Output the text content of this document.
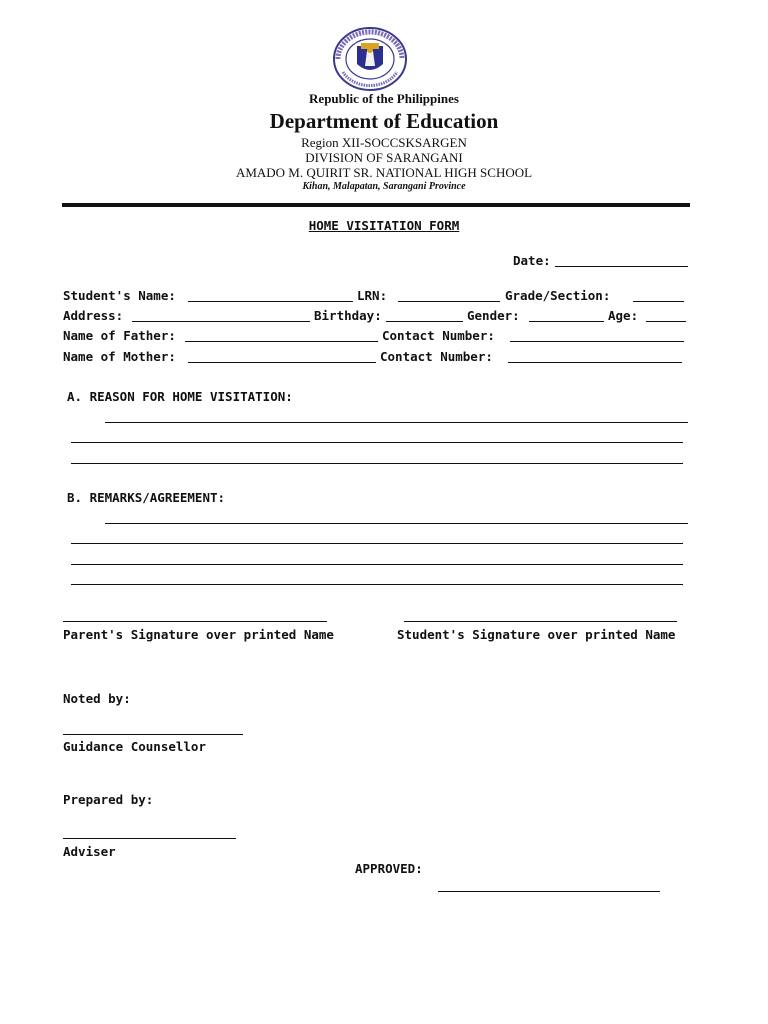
Republic of the Philippines
Department of Education
Region XII-SOCCSKSARGEN
DIVISION OF SARANGANI
AMADO M. QUIRIT SR. NATIONAL HIGH SCHOOL
Kihan, Malapatan, Sarangani Province
HOME VISITATION FORM
Date:
Student's Name:	LRN:	Grade/Section:
Address:	Birthday:	Gender:	Age:
Name of Father:	Contact Number:
Name of Mother:	Contact Number:
A. REASON FOR HOME VISITATION:
B. REMARKS/AGREEMENT:
Parent's Signature over printed Name	Student's Signature over printed Name
Noted by:
Guidance Counsellor
Prepared by:
Adviser
APPROVED:
